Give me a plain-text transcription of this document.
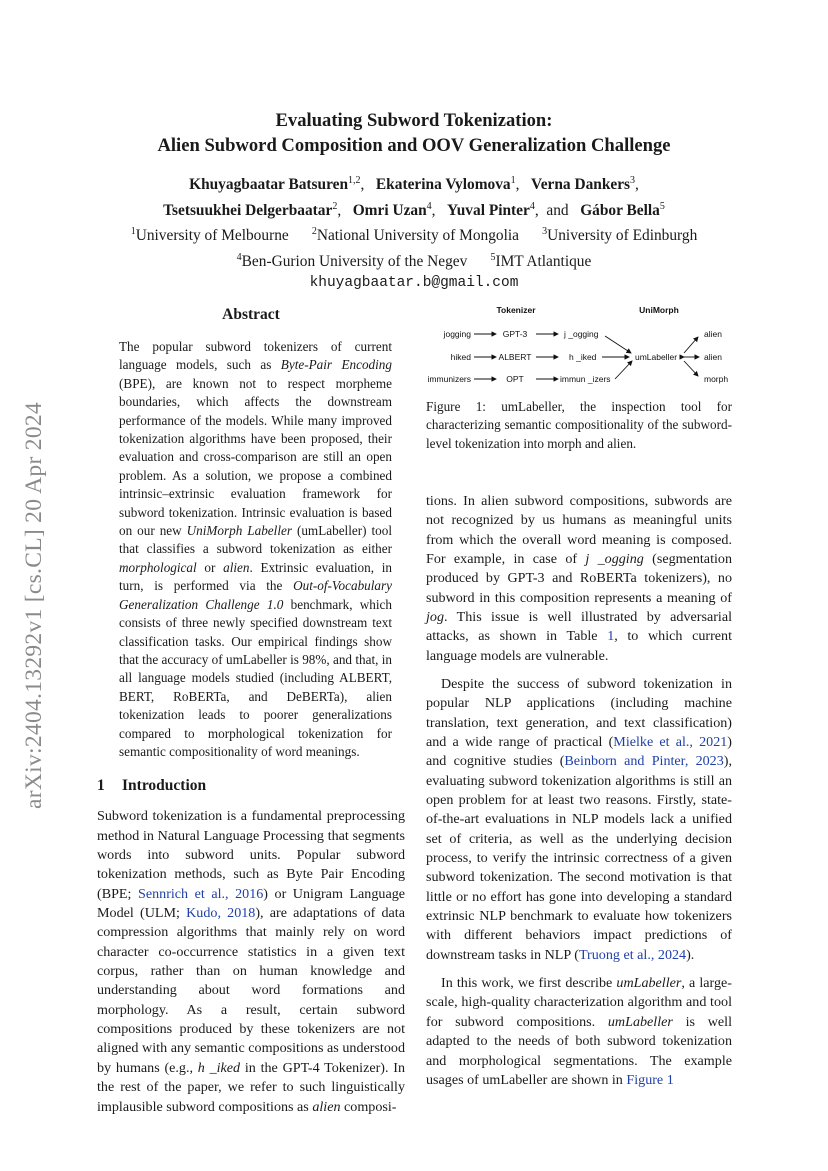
arXiv:2404.13292v1 [cs.CL] 20 Apr 2024
Evaluating Subword Tokenization:
Alien Subword Composition and OOV Generalization Challenge
Khuyagbaatar Batsuren$^{1,2}$,   Ekaterina Vylomova$^1$,   Verna Dankers$^3$,
Tsetsuukhei Delgerbaatar$^2$,   Omri Uzan$^4$,   Yuval Pinter$^4$,  and Gábor Bella$^5$
$^1$University of Melbourne $^2$National University of Mongolia $^3$University of Edinburgh
$^4$Ben-Gurion University of the Negev $^5$IMT Atlantique
khuyagbaatar.b@gmail.com
Abstract

The popular subword tokenizers of current language models, such as Byte-Pair Encoding (BPE), are known not to respect morpheme boundaries, which affects the downstream performance of the models. While many improved tokenization algorithms have been proposed, their evaluation and cross-comparison are still an open problem. As a solution, we propose a combined intrinsic–extrinsic evaluation framework for subword tokenization. Intrinsic evaluation is based on our new UniMorph Labeller (umLabeller) tool that classifies a subword tokenization as either morphological or alien. Extrinsic evaluation, in turn, is performed via the Out-of-Vocabulary Generalization Challenge 1.0 benchmark, which consists of three newly specified downstream text classification tasks. Our empirical findings show that the accuracy of umLabeller is 98%, and that, in all language models studied (including ALBERT, BERT, RoBERTa, and DeBERTa), alien tokenization leads to poorer generalizations compared to morphological tokenization for semantic compositionality of word meanings.

1 Introduction

Subword tokenization is a fundamental preprocessing method in Natural Language Processing that segments words into subword units. Popular subword tokenization methods, such as Byte Pair Encoding (BPE; Sennrich et al., 2016) or Unigram Language Model (ULM; Kudo, 2018), are adaptations of data compression algorithms that mainly rely on word character co-occurrence statistics in a given text corpus, rather than on human knowledge and understanding about word formations and morphology. As a result, certain subword compositions produced by these tokenizers are not aligned with any semantic compositions as understood by humans (e.g., h _iked in the GPT-4 Tokenizer). In the rest of the paper, we refer to such linguistically implausible subword compositions as alien composi-

Tokenizer	UniMorph
jogging
hiked
immunizers
GPT-3
ALBERT
OPT
j _ogging
h _iked
immun _izers
umLabeller
alien
alien
morph
Figure 1: umLabeller, the inspection tool for characterizing semantic compositionality of the subword-level tokenization into morph and alien.

tions. In alien subword compositions, subwords are not recognized by us humans as meaningful units from which the overall word meaning is composed. For example, in case of j _ogging (segmentation produced by GPT-3 and RoBERTa tokenizers), no subword in this composition represents a meaning of jog. This issue is well illustrated by adversarial attacks, as shown in Table 1, to which current language models are vulnerable.

Despite the success of subword tokenization in popular NLP applications (including machine translation, text generation, and text classification) and a wide range of practical (Mielke et al., 2021) and cognitive studies (Beinborn and Pinter, 2023), evaluating subword tokenization algorithms is still an open problem for at least two reasons. Firstly, state-of-the-art evaluations in NLP models lack a unified set of criteria, as well as the underlying decision process, to verify the intrinsic correctness of a given subword tokenization. The second motivation is that little or no effort has gone into developing a standard extrinsic NLP benchmark to evaluate how tokenizers with different behaviors impact predictions of downstream tasks in NLP (Truong et al., 2024).

In this work, we first describe umLabeller, a large-scale, high-quality characterization algorithm and tool for subword compositions. umLabeller is well adapted to the needs of both subword tokenization and morphological segmentations. The example usages of umLabeller are shown in Figure 1
